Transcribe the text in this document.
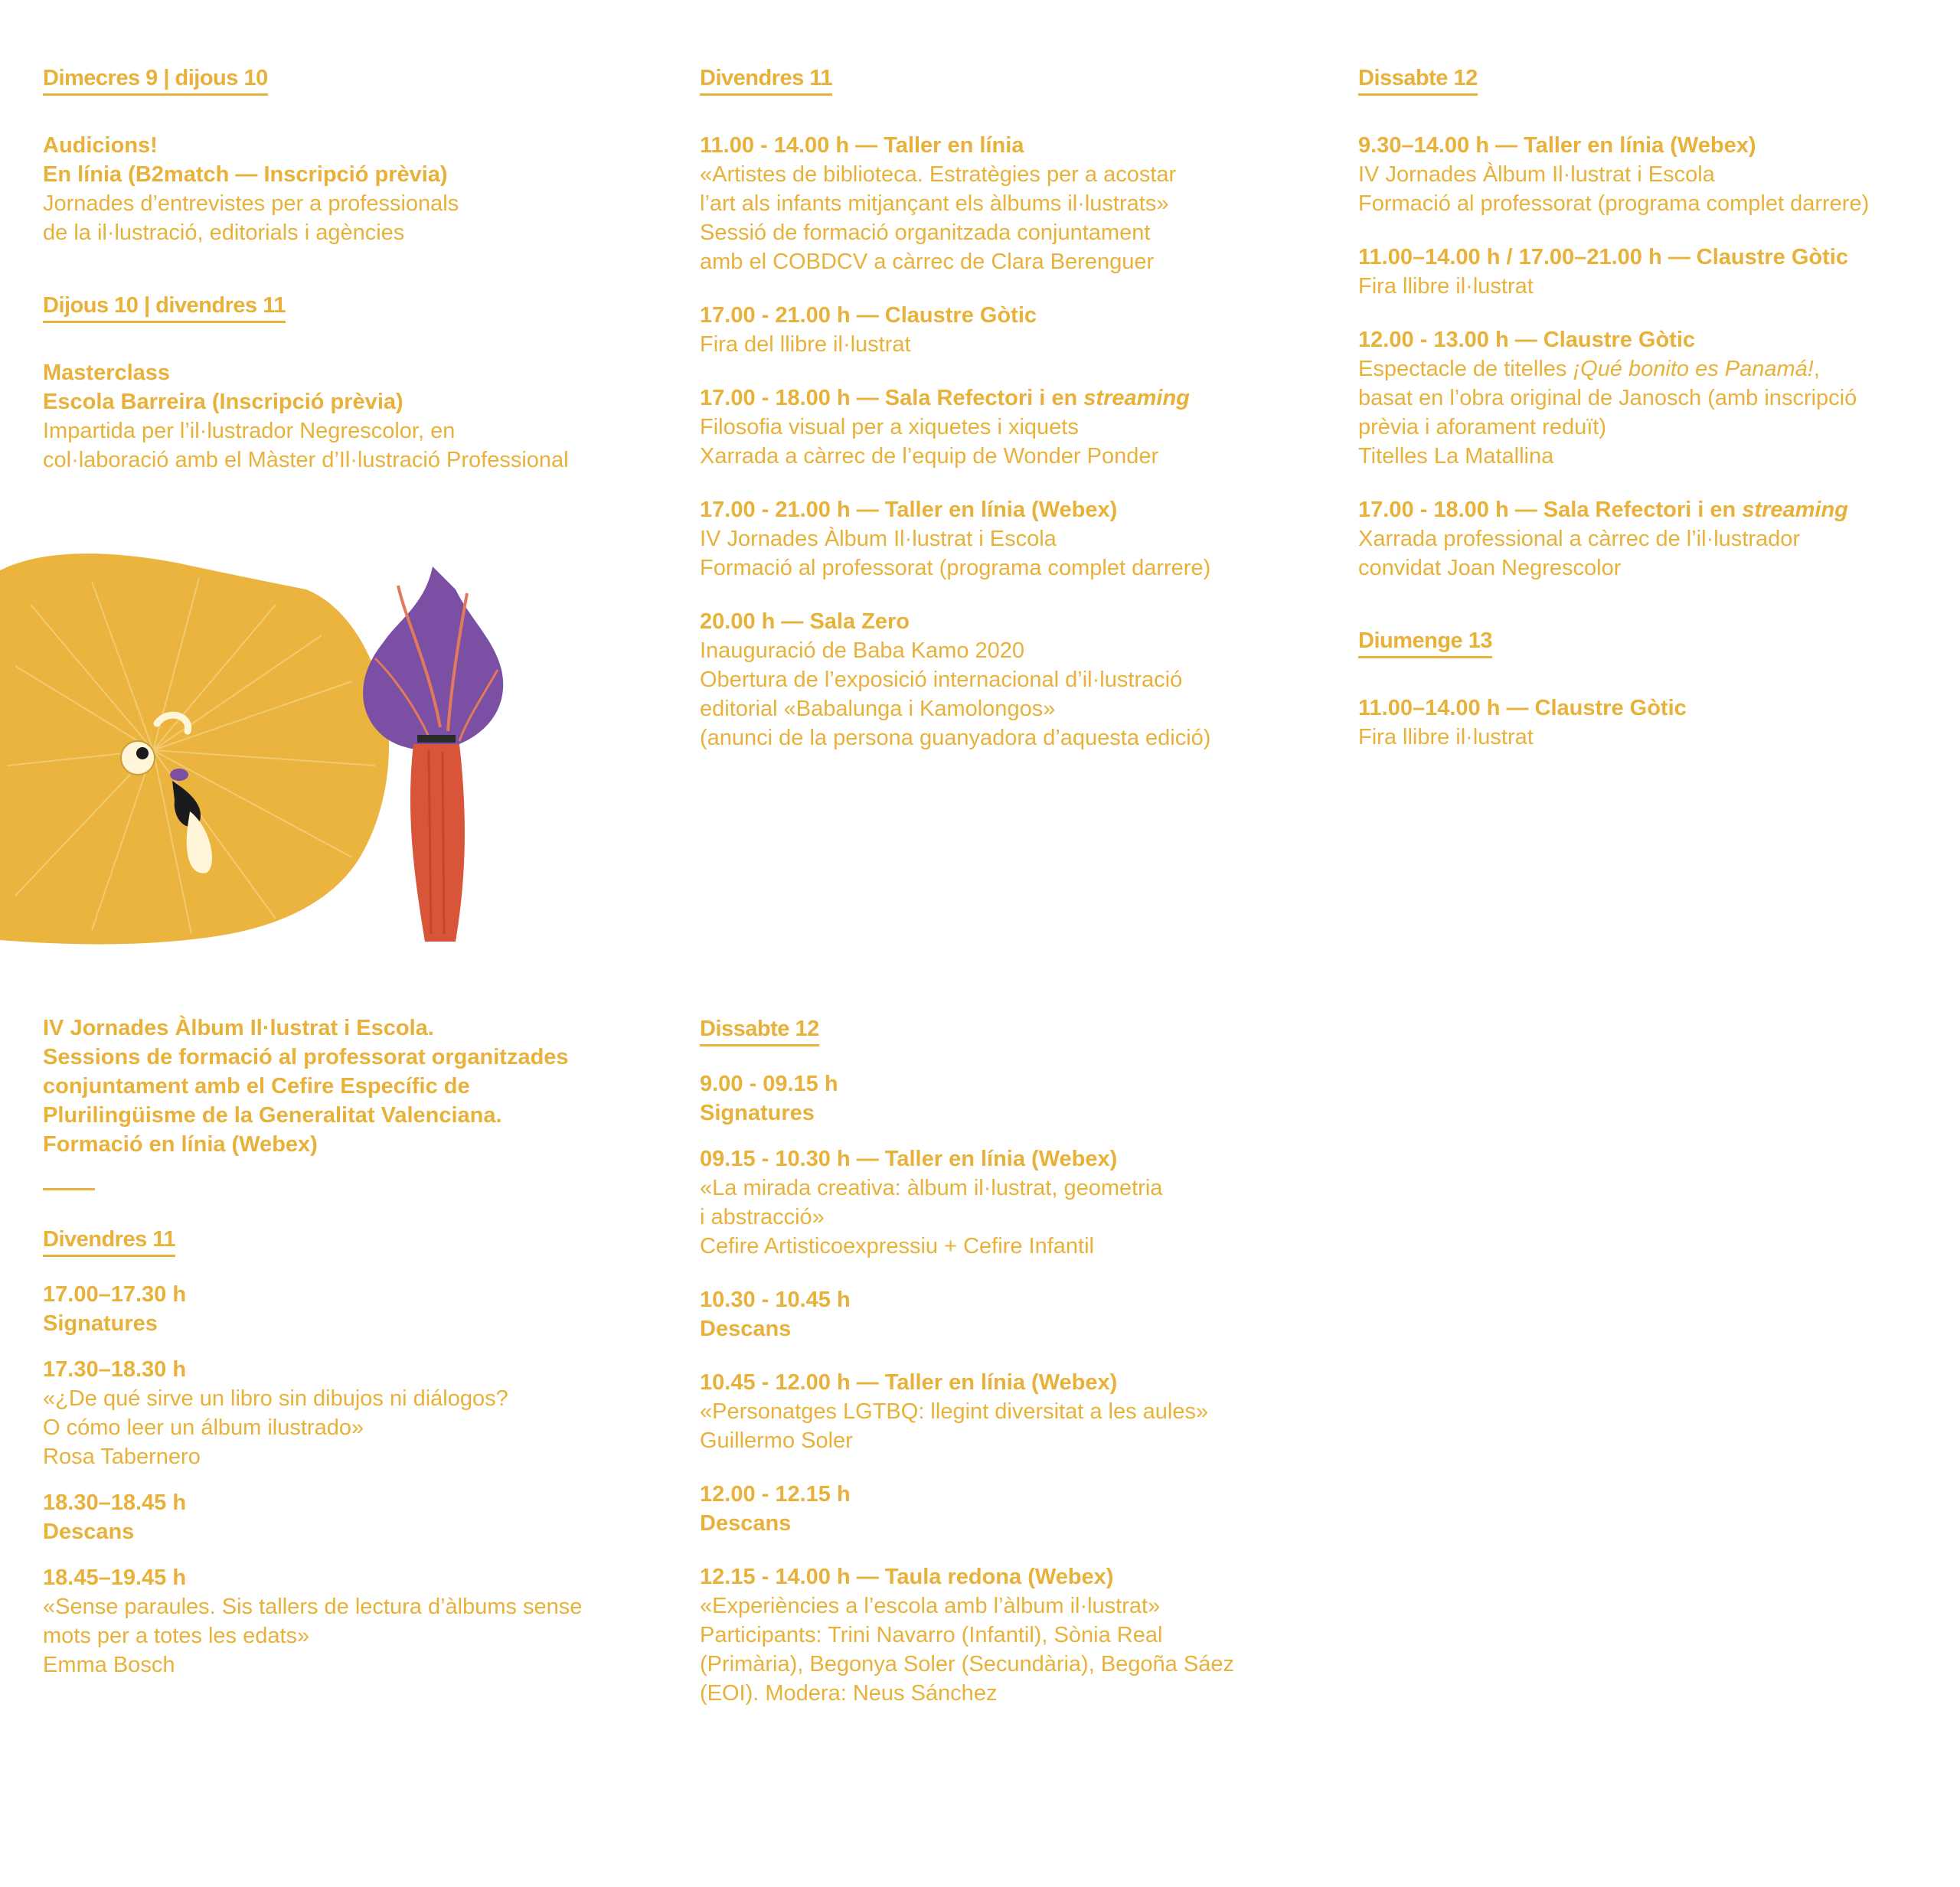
Dimecres 9 | dijous 10
Audicions!
En línia (B2match — Inscripció prèvia)
Jornades d’entrevistes per a professionals
de la il·lustració, editorials i agències
Dijous 10 | divendres 11
Masterclass
Escola Barreira (Inscripció prèvia)
Impartida per l’il·lustrador Negrescolor, en
col·laboració amb el Màster d’Il·lustració Professional
Divendres 11
11.00 - 14.00 h — Taller en línia
«Artistes de biblioteca. Estratègies per a acostar
l’art als infants mitjançant els àlbums il·lustrats»
Sessió de formació organitzada conjuntament
amb el COBDCV a càrrec de Clara Berenguer
17.00 - 21.00 h — Claustre Gòtic
Fira del llibre il·lustrat
17.00 - 18.00 h — Sala Refectori i en streaming
Filosofia visual per a xiquetes i xiquets
Xarrada a càrrec de l’equip de Wonder Ponder
17.00 - 21.00 h — Taller en línia (Webex)
IV Jornades Àlbum Il·lustrat i Escola
Formació al professorat (programa complet darrere)
20.00 h — Sala Zero
Inauguració de Baba Kamo 2020
Obertura de l’exposició internacional d’il·lustració
editorial «Babalunga i Kamolongos»
(anunci de la persona guanyadora d’aquesta edició)
Dissabte 12
9.30–14.00 h — Taller en línia (Webex)
IV Jornades Àlbum Il·lustrat i Escola
Formació al professorat (programa complet darrere)
11.00–14.00 h / 17.00–21.00 h — Claustre Gòtic
Fira llibre il·lustrat
12.00 - 13.00 h — Claustre Gòtic
Espectacle de titelles ¡Qué bonito es Panamá!,
basat en l’obra original de Janosch (amb inscripció
prèvia i aforament reduït)
Titelles La Matallina
17.00 - 18.00 h — Sala Refectori i en streaming
Xarrada professional a càrrec de l’il·lustrador
convidat Joan Negrescolor
Diumenge 13
11.00–14.00 h — Claustre Gòtic
Fira llibre il·lustrat
IV Jornades Àlbum Il·lustrat i Escola.
Sessions de formació al professorat organitzades
conjuntament amb el Cefire Específic de
Plurilingüisme de la Generalitat Valenciana.
Formació en línia (Webex)
Divendres 11
17.00–17.30 h
Signatures
17.30–18.30 h
«¿De qué sirve un libro sin dibujos ni diálogos?
O cómo leer un álbum ilustrado»
Rosa Tabernero
18.30–18.45 h
Descans
18.45–19.45 h
«Sense paraules. Sis tallers de lectura d’àlbums sense
mots per a totes les edats»
Emma Bosch
Dissabte 12
9.00 - 09.15 h
Signatures
09.15 - 10.30 h — Taller en línia (Webex)
«La mirada creativa: àlbum il·lustrat, geometria
i abstracció»
Cefire Artisticoexpressiu + Cefire Infantil
10.30 - 10.45 h
Descans
10.45 - 12.00 h — Taller en línia (Webex)
«Personatges LGTBQ: llegint diversitat a les aules»
Guillermo Soler
12.00 - 12.15 h
Descans
12.15 - 14.00 h — Taula redona (Webex)
«Experiències a l’escola amb l’àlbum il·lustrat»
Participants: Trini Navarro (Infantil), Sònia Real
(Primària), Begonya Soler (Secundària), Begoña Sáez
(EOI). Modera: Neus Sánchez
